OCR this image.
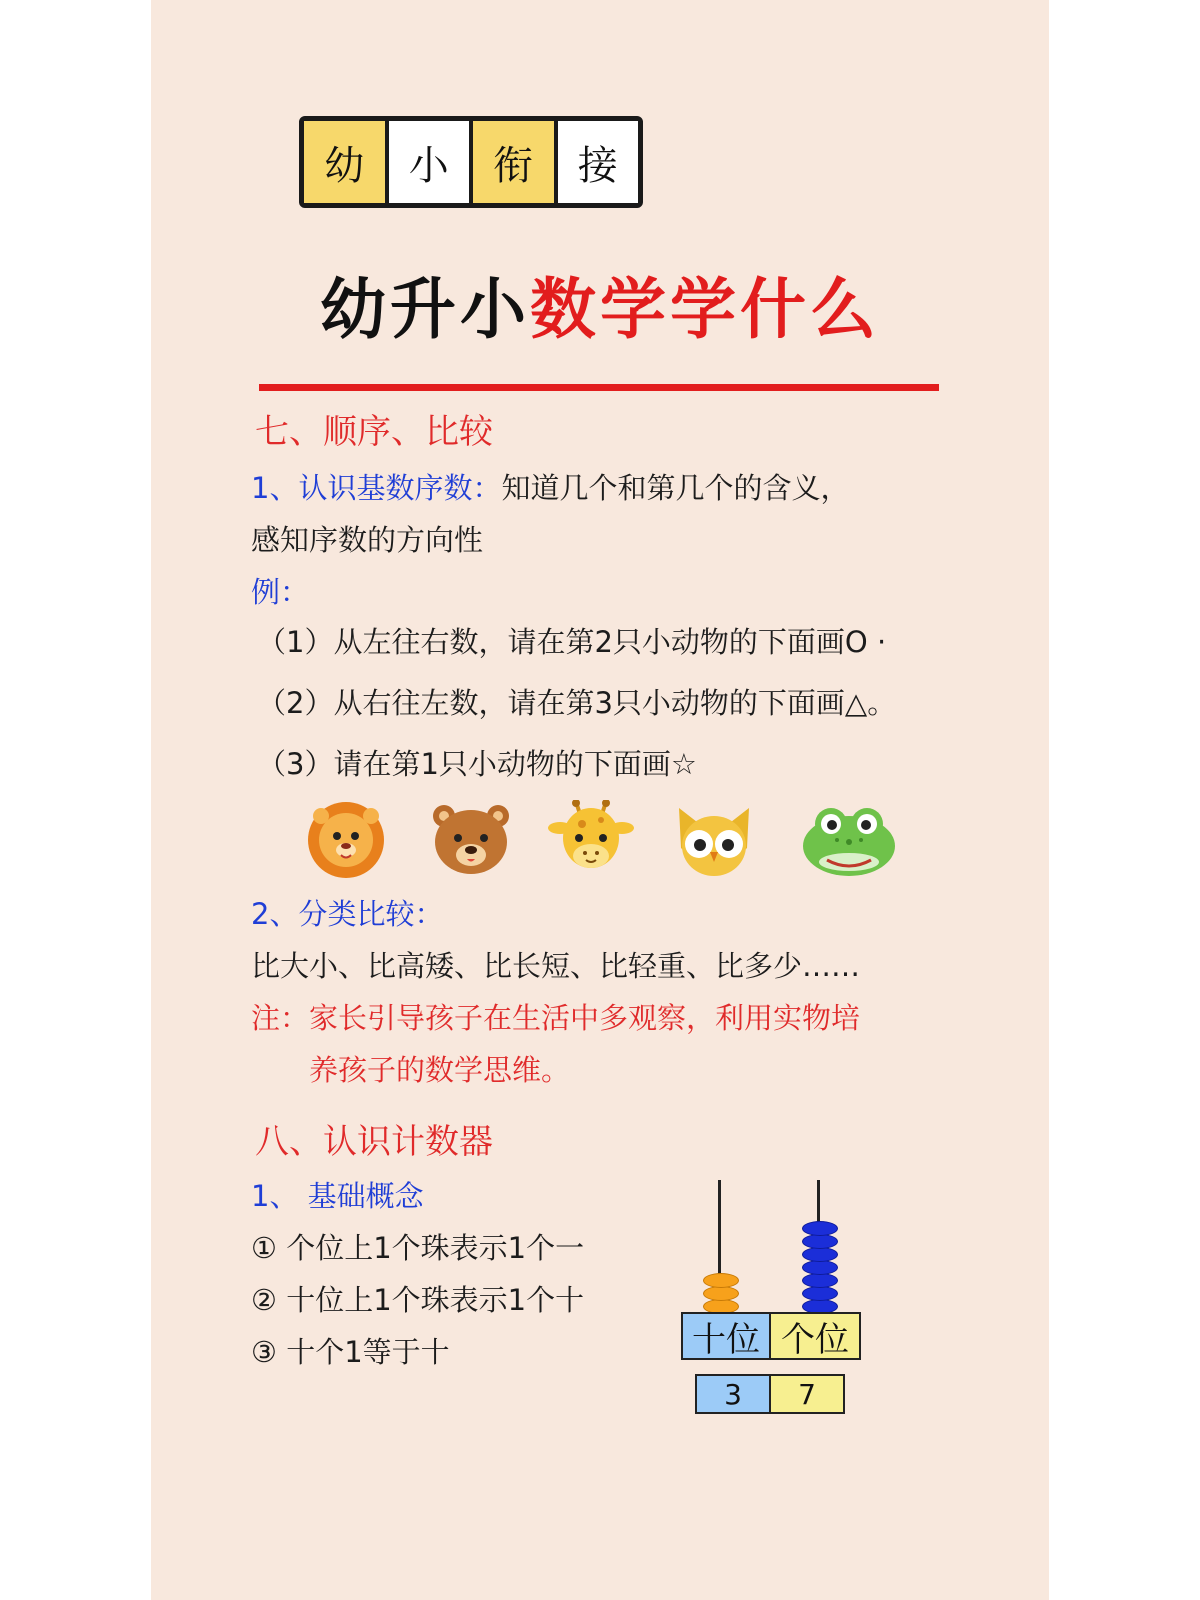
幼	小	衔	接
幼升小数学学什么
七、顺序、比较
1、认识基数序数：知道几个和第几个的含义，
感知序数的方向性
例：
（1）从左往右数，请在第2只小动物的下面画O ·
（2）从右往左数，请在第3只小动物的下面画△。
（3）请在第1只小动物的下面画☆
2、分类比较：
比大小、比高矮、比长短、比轻重、比多少……
注：家长引导孩子在生活中多观察，利用实物培
养孩子的数学思维。
八、认识计数器
1、 基础概念
① 个位上1个珠表示1个一
② 十位上1个珠表示1个十
③ 十个1等于十	十位 个位
3	7
